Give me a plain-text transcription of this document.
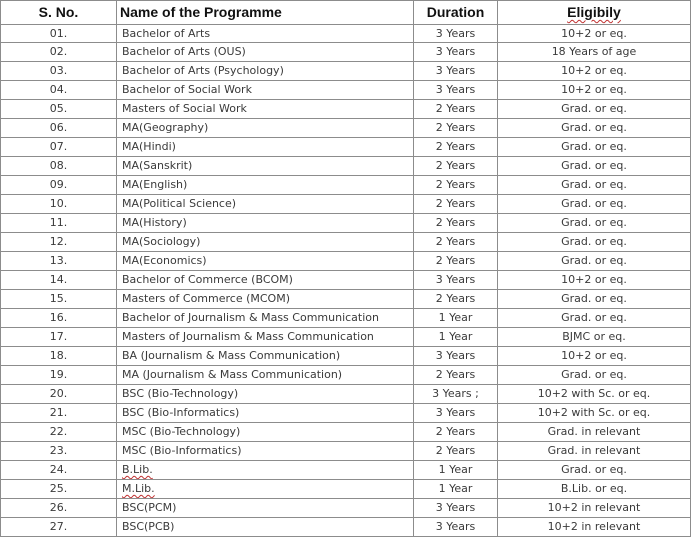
S. No.	Name of the Programme	Duration	Eligibily
01.	Bachelor of Arts	3 Years	10+2 or eq.
02.	Bachelor of Arts (OUS)	3 Years	18 Years of age
03.	Bachelor of Arts (Psychology)	3 Years	10+2 or eq.
04.	Bachelor of Social Work	3 Years	10+2 or eq.
05.	Masters of Social Work	2 Years	Grad. or eq.
06.	MA(Geography)	2 Years	Grad. or eq.
07.	MA(Hindi)	2 Years	Grad. or eq.
08.	MA(Sanskrit)	2 Years	Grad. or eq.
09.	MA(English)	2 Years	Grad. or eq.
10.	MA(Political Science)	2 Years	Grad. or eq.
11.	MA(History)	2 Years	Grad. or eq.
12.	MA(Sociology)	2 Years	Grad. or eq.
13.	MA(Economics)	2 Years	Grad. or eq.
14.	Bachelor of Commerce (BCOM)	3 Years	10+2 or eq.
15.	Masters of Commerce (MCOM)	2 Years	Grad. or eq.
16.	Bachelor of Journalism & Mass Communication	1 Year	Grad. or eq.
17.	Masters of Journalism & Mass Communication	1 Year	BJMC or eq.
18.	BA (Journalism & Mass Communication)	3 Years	10+2 or eq.
19.	MA (Journalism & Mass Communication)	2 Years	Grad. or eq.
20.	BSC (Bio-Technology)	3 Years ;	10+2 with Sc. or eq.
21.	BSC (Bio-Informatics)	3 Years	10+2 with Sc. or eq.
22.	MSC (Bio-Technology)	2 Years	Grad. in relevant
23.	MSC (Bio-Informatics)	2 Years	Grad. in relevant
24.	B.Lib.	1 Year	Grad. or eq.
25.	M.Lib.	1 Year	B.Lib. or eq.
26.	BSC(PCM)	3 Years	10+2 in relevant
27.	BSC(PCB)	3 Years	10+2 in relevant
